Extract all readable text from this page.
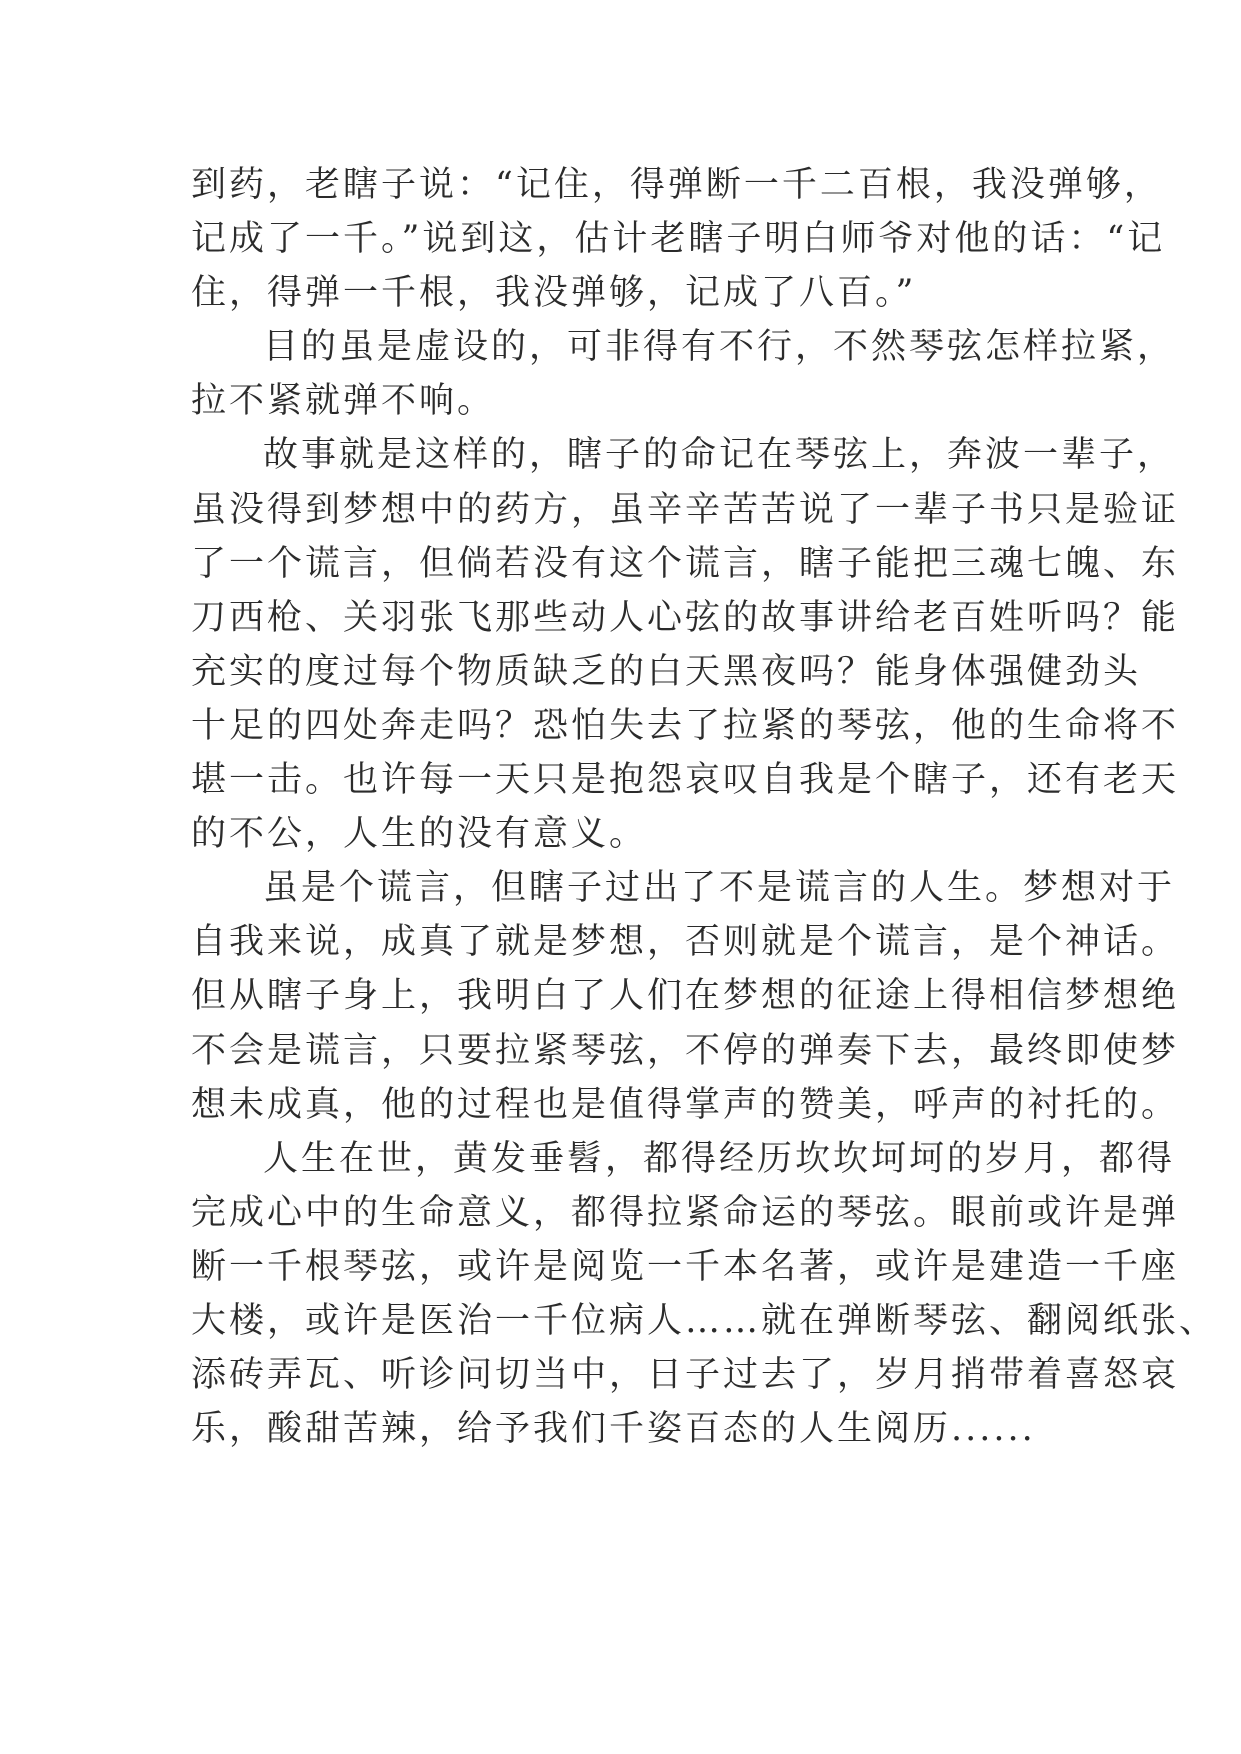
到药，老瞎子说：“记住，得弹断一千二百根，我没弹够，
记成了一千。”说到这，估计老瞎子明白师爷对他的话：“记
住，得弹一千根，我没弹够，记成了八百。”
目的虽是虚设的，可非得有不行，不然琴弦怎样拉紧，
拉不紧就弹不响。
故事就是这样的，瞎子的命记在琴弦上，奔波一辈子，
虽没得到梦想中的药方，虽辛辛苦苦说了一辈子书只是验证
了一个谎言，但倘若没有这个谎言，瞎子能把三魂七魄、东
刀西枪、关羽张飞那些动人心弦的故事讲给老百姓听吗？能
充实的度过每个物质缺乏的白天黑夜吗？能身体强健劲头
十足的四处奔走吗？恐怕失去了拉紧的琴弦，他的生命将不
堪一击。也许每一天只是抱怨哀叹自我是个瞎子，还有老天
的不公，人生的没有意义。
虽是个谎言，但瞎子过出了不是谎言的人生。梦想对于
自我来说，成真了就是梦想，否则就是个谎言，是个神话。
但从瞎子身上，我明白了人们在梦想的征途上得相信梦想绝
不会是谎言，只要拉紧琴弦，不停的弹奏下去，最终即使梦
想未成真，他的过程也是值得掌声的赞美，呼声的衬托的。
人生在世，黄发垂髫，都得经历坎坎坷坷的岁月，都得
完成心中的生命意义，都得拉紧命运的琴弦。眼前或许是弹
断一千根琴弦，或许是阅览一千本名著，或许是建造一千座
大楼，或许是医治一千位病人……就在弹断琴弦、翻阅纸张、
添砖弄瓦、听诊问切当中，日子过去了，岁月捎带着喜怒哀
乐，酸甜苦辣，给予我们千姿百态的人生阅历......
